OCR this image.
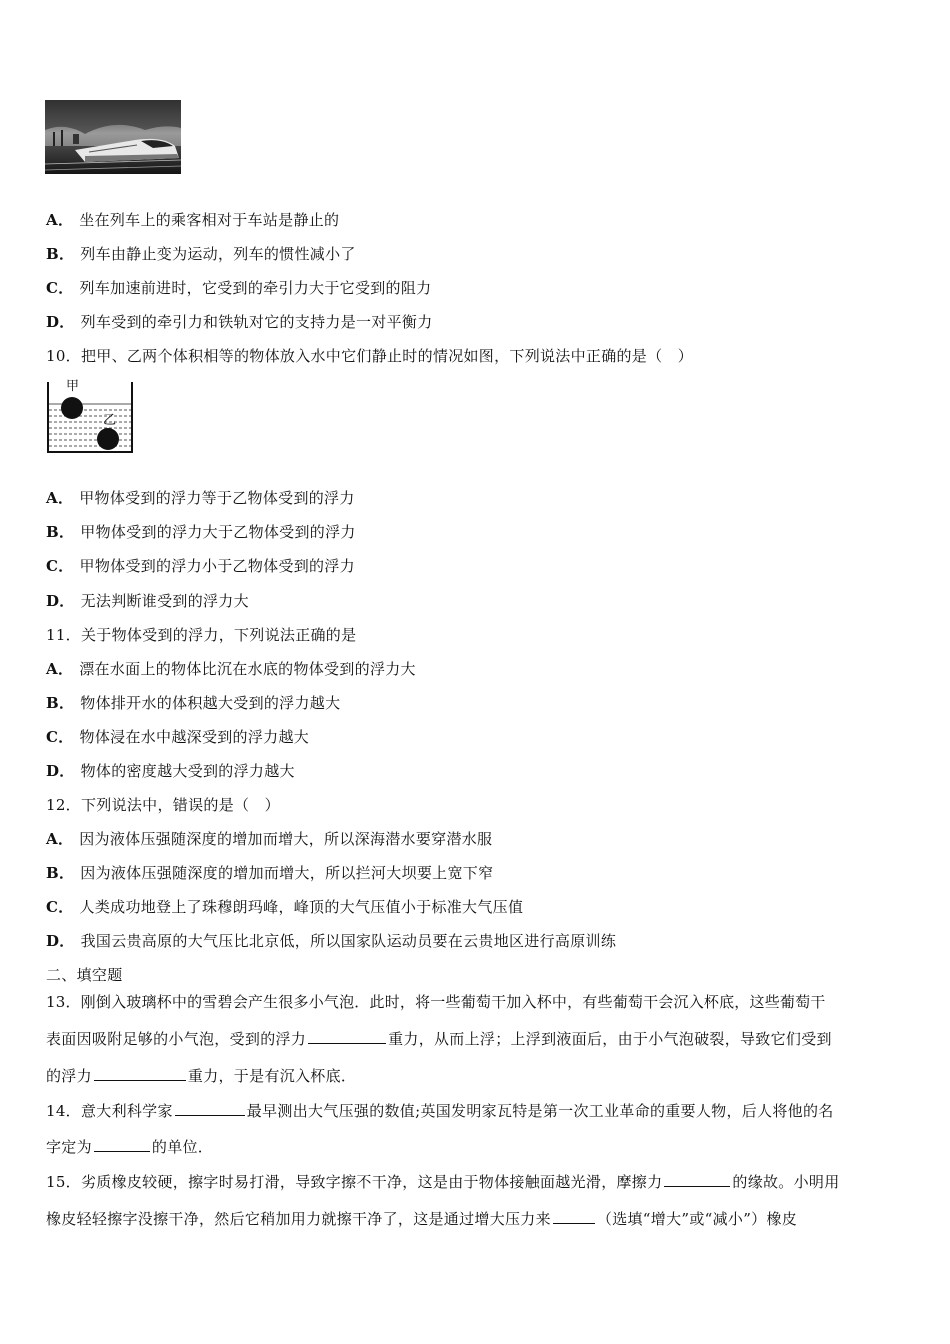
A． 坐在列车上的乘客相对于车站是静止的
B． 列车由静止变为运动，列车的惯性减小了
C． 列车加速前进时，它受到的牵引力大于它受到的阻力
D． 列车受到的牵引力和铁轨对它的支持力是一对平衡力
10．把甲、乙两个体积相等的物体放入水中它们静止时的情况如图，下列说法中正确的是（　）
甲
乙
A． 甲物体受到的浮力等于乙物体受到的浮力
B． 甲物体受到的浮力大于乙物体受到的浮力
C． 甲物体受到的浮力小于乙物体受到的浮力
D． 无法判断谁受到的浮力大
11．关于物体受到的浮力，下列说法正确的是
A． 漂在水面上的物体比沉在水底的物体受到的浮力大
B． 物体排开水的体积越大受到的浮力越大
C． 物体浸在水中越深受到的浮力越大
D． 物体的密度越大受到的浮力越大
12．下列说法中，错误的是（　）
A． 因为液体压强随深度的增加而增大，所以深海潜水要穿潜水服
B． 因为液体压强随深度的增加而增大，所以拦河大坝要上宽下窄
C． 人类成功地登上了珠穆朗玛峰，峰顶的大气压值小于标准大气压值
D． 我国云贵高原的大气压比北京低，所以国家队运动员要在云贵地区进行高原训练
二、填空题
13．刚倒入玻璃杯中的雪碧会产生很多小气泡．此时，将一些葡萄干加入杯中，有些葡萄干会沉入杯底，这些葡萄干
表面因吸附足够的小气泡，受到的浮力	重力，从而上浮；上浮到液面后，由于小气泡破裂，导致它们受到
的浮力	重力，于是有沉入杯底．
14．意大利科学家	最早测出大气压强的数值;英国发明家瓦特是第一次工业革命的重要人物，后人将他的名
字定为	的单位．
15．劣质橡皮较硬，擦字时易打滑，导致字擦不干净，这是由于物体接触面越光滑，摩擦力	的缘故。小明用
橡皮轻轻擦字没擦干净，然后它稍加用力就擦干净了，这是通过增大压力来	（选填“增大”或“减小”）橡皮
